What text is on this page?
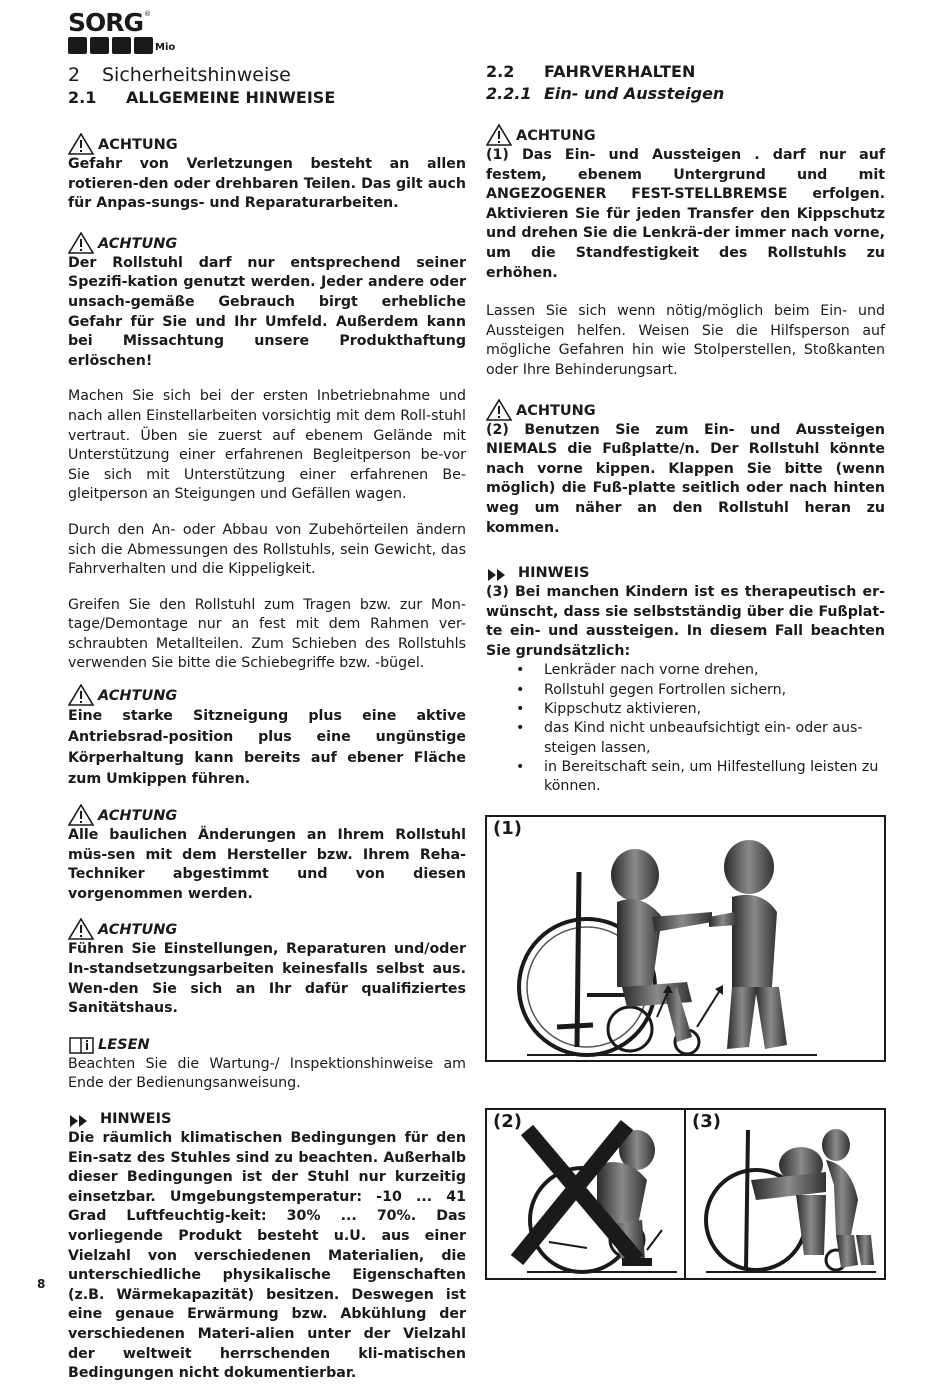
SORG ®
Mio
2 Sicherheitshinweise
2.1 ALLGEMEINE HINWEISE
ACHTUNG

Gefahr von Verletzungen besteht an allen rotieren-den oder drehbaren Teilen. Das gilt auch für Anpas-sungs- und Reparaturarbeiten.

ACHTUNG

Der Rollstuhl darf nur entsprechend seiner Spezifi-kation genutzt werden. Jeder andere oder unsach-gemäße Gebrauch birgt erhebliche Gefahr für Sie und Ihr Umfeld. Außerdem kann bei Missachtung unsere Produkthaftung erlöschen!

Machen Sie sich bei der ersten Inbetriebnahme und nach allen Einstellarbeiten vorsichtig mit dem Roll-stuhl vertraut. Üben sie zuerst auf ebenem Gelände mit Unterstützung einer erfahrenen Begleitperson be-vor Sie sich mit Unterstützung einer erfahrenen Be-gleitperson an Steigungen und Gefällen wagen.

Durch den An- oder Abbau von Zubehörteilen ändern sich die Abmessungen des Rollstuhls, sein Gewicht, das Fahrverhalten und die Kippeligkeit.

Greifen Sie den Rollstuhl zum Tragen bzw. zur Mon-tage/Demontage nur an fest mit dem Rahmen ver-schraubten Metallteilen. Zum Schieben des Rollstuhls verwenden Sie bitte die Schiebegriffe bzw. -bügel.

ACHTUNG

Eine starke Sitzneigung plus eine aktive Antriebsrad-position plus eine ungünstige Körperhaltung kann bereits auf ebener Fläche zum Umkippen führen.

ACHTUNG

Alle baulichen Änderungen an Ihrem Rollstuhl müs-sen mit dem Hersteller bzw. Ihrem Reha-Techniker abgestimmt und von diesen vorgenommen werden.

ACHTUNG

Führen Sie Einstellungen, Reparaturen und/oder In-standsetzungsarbeiten keinesfalls selbst aus. Wen-den Sie sich an Ihr dafür qualifiziertes Sanitätshaus.

LESEN

Beachten Sie die Wartung-/ Inspektionshinweise am Ende der Bedienungsanweisung.

HINWEIS

Die räumlich klimatischen Bedingungen für den Ein-satz des Stuhles sind zu beachten. Außerhalb dieser Bedingungen ist der Stuhl nur kurzeitig einsetzbar. Umgebungstemperatur: -10 ... 41 Grad Luftfeuchtig-keit: 30% ... 70%. Das vorliegende Produkt besteht u.U. aus einer Vielzahl von verschiedenen Materialien, die unterschiedliche physikalische Eigenschaften (z.B. Wärmekapazität) besitzen. Deswegen ist eine genaue Erwärmung bzw. Abkühlung der verschiedenen Materi-alien unter der Vielzahl der weltweit herrschenden kli-matischen Bedingungen nicht dokumentierbar.

2.2 FAHRVERHALTEN
2.2.1 Ein- und Aussteigen
ACHTUNG

(1) Das Ein- und Aussteigen . darf nur auf festem, ebenem Untergrund und mit ANGEZOGENER FEST-STELLBREMSE erfolgen. Aktivieren Sie für jeden Transfer den Kippschutz und drehen Sie die Lenkrä-der immer nach vorne, um die Standfestigkeit des Rollstuhls zu erhöhen.

Lassen Sie sich wenn nötig/möglich beim Ein- und Aussteigen helfen. Weisen Sie die Hilfsperson auf mögliche Gefahren hin wie Stolperstellen, Stoßkanten oder Ihre Behinderungsart.

ACHTUNG

(2) Benutzen Sie zum Ein- und Aussteigen NIEMALS die Fußplatte/n. Der Rollstuhl könnte nach vorne kippen. Klappen Sie bitte (wenn möglich) die Fuß-platte seitlich oder nach hinten weg um näher an den Rollstuhl heran zu kommen.

HINWEIS

(3) Bei manchen Kindern ist es therapeutisch er-wünscht, dass sie selbstständig über die Fußplat-te ein- und aussteigen. In diesem Fall beachten Sie grundsätzlich:

• Lenkräder nach vorne drehen,
• Rollstuhl gegen Fortrollen sichern,
• Kippschutz aktivieren,
• das Kind nicht unbeaufsichtigt ein- oder aus-steigen lassen,
• in Bereitschaft sein, um Hilfestellung leisten zu können.
(1)
(2)	(3)
8
